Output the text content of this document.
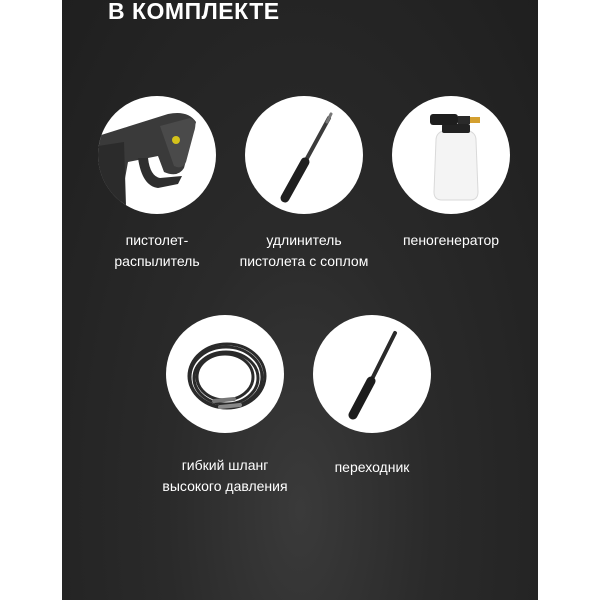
В КОМПЛЕКТЕ
пистолет-
распылитель
удлинитель
пистолета с соплом
пеногенератор
гибкий шланг
высокого давления
переходник
